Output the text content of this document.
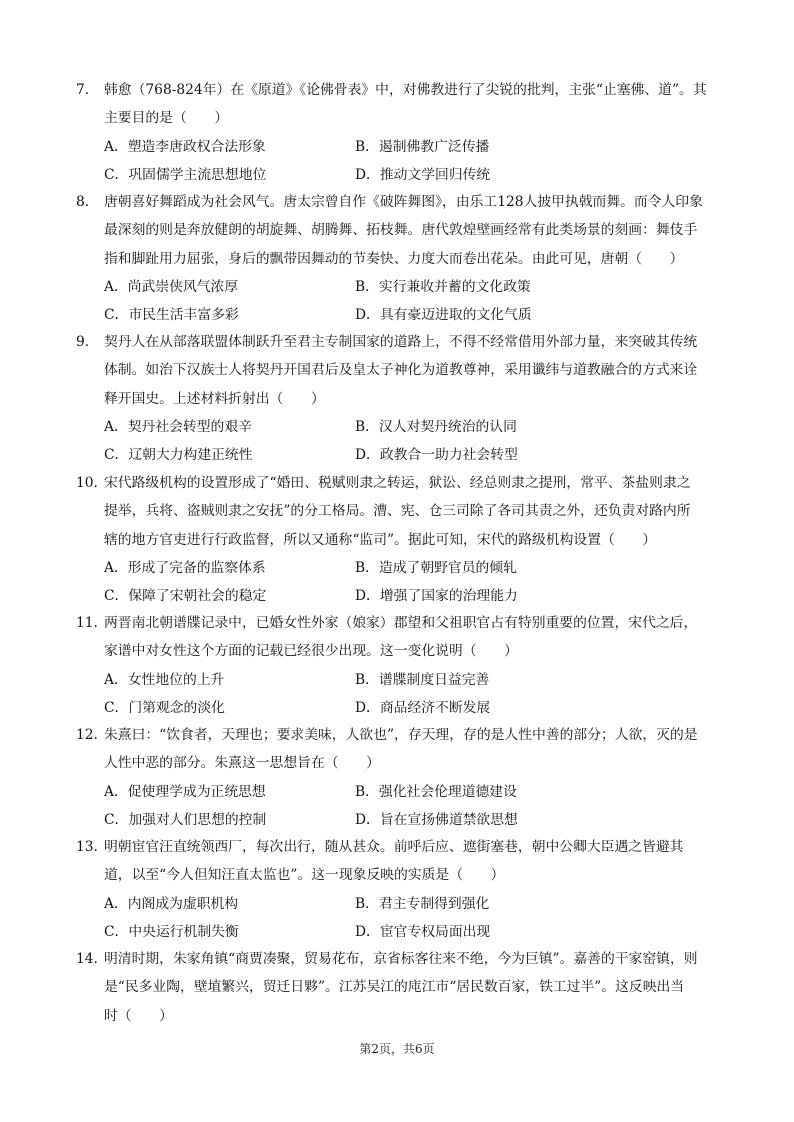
7. 韩愈（768-824年）在《原道》《论佛骨表》中，对佛教进行了尖锐的批判，主张“止塞佛、道”。其
主要目的是（　　）
A．塑造李唐政权合法形象	B．遏制佛教广泛传播
C．巩固儒学主流思想地位	D．推动文学回归传统
8. 唐朝喜好舞蹈成为社会风气。唐太宗曾自作《破阵舞图》，由乐工128人披甲执戟而舞。而令人印象
最深刻的则是奔放健朗的胡旋舞、胡腾舞、拓枝舞。唐代敦煌壁画经常有此类场景的刻画：舞伎手
指和脚趾用力屈张，身后的飘带因舞动的节奏快、力度大而卷出花朵。由此可见，唐朝（　　）
A．尚武崇侠风气浓厚	B．实行兼收并蓄的文化政策
C．市民生活丰富多彩	D．具有豪迈进取的文化气质
9. 契丹人在从部落联盟体制跃升至君主专制国家的道路上，不得不经常借用外部力量，来突破其传统
体制。如治下汉族士人将契丹开国君后及皇太子神化为道教尊神，采用谶纬与道教融合的方式来诠
释开国史。上述材料折射出（　　）
A．契丹社会转型的艰辛	B．汉人对契丹统治的认同
C．辽朝大力构建正统性	D．政教合一助力社会转型
10. 宋代路级机构的设置形成了“婚田、税赋则隶之转运，狱讼、经总则隶之提刑，常平、茶盐则隶之
提举，兵将、盗贼则隶之安抚”的分工格局。漕、宪、仓三司除了各司其责之外，还负责对路内所
辖的地方官吏进行行政监督，所以又通称“监司”。据此可知，宋代的路级机构设置（　　）
A．形成了完备的监察体系	B．造成了朝野官员的倾轧
C．保障了宋朝社会的稳定	D．增强了国家的治理能力
11. 两晋南北朝谱牒记录中，已婚女性外家（娘家）郡望和父祖职官占有特别重要的位置，宋代之后，
家谱中对女性这个方面的记载已经很少出现。这一变化说明（　　）
A．女性地位的上升	B．谱牒制度日益完善
C．门第观念的淡化	D．商品经济不断发展
12. 朱熹曰：“饮食者，天理也；要求美味，人欲也”，存天理，存的是人性中善的部分；人欲，灭的是
人性中恶的部分。朱熹这一思想旨在（　　）
A．促使理学成为正统思想	B．强化社会伦理道德建设
C．加强对人们思想的控制	D．旨在宣扬佛道禁欲思想
13. 明朝宦官汪直统领西厂，每次出行，随从甚众。前呼后应、遮街塞巷，朝中公卿大臣遇之皆避其
道，以至“今人但知汪直太监也”。这一现象反映的实质是（　　）
A．内阁成为虚职机构	B．君主专制得到强化
C．中央运行机制失衡	D．宦官专权局面出现
14. 明清时期，朱家角镇“商贾凑聚，贸易花布，京省标客往来不绝，今为巨镇”。嘉善的干家窑镇，则
是“民多业陶，壁埴繁兴，贸迁日夥”。江苏吴江的庉江市“居民数百家，铁工过半”。这反映出当
时（　　）
第2页，共6页
